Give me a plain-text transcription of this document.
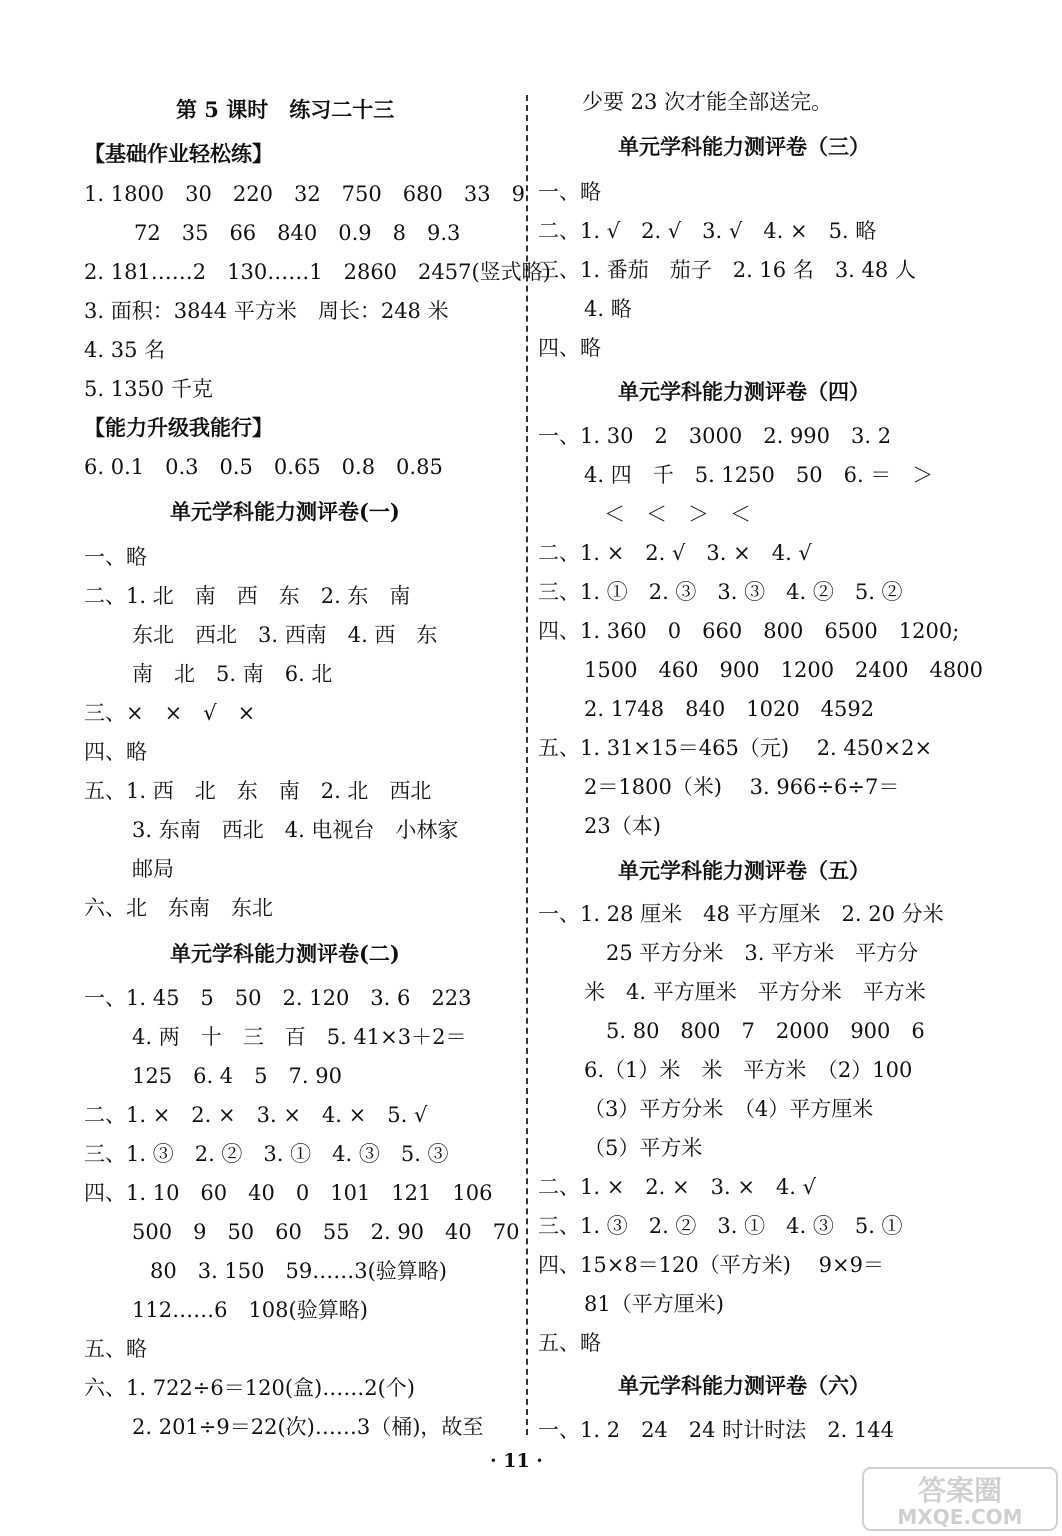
第 5 课时　练习二十三
【基础作业轻松练】
1. 1800　30　220　32　750　680　33　9
72　35　66　840　0.9　8　9.3
2. 181……2　130……1　2860　2457(竖式略)
3. 面积：3844 平方米　周长：248 米
4. 35 名
5. 1350 千克
【能力升级我能行】
6. 0.1　0.3　0.5　0.65　0.8　0.85
单元学科能力测评卷(一)
一、略
二、1. 北　南　西　东　2. 东　南
东北　西北　3. 西南　4. 西　东
南　北　5. 南　6. 北
三、×　×　√　×
四、略
五、1. 西　北　东　南　2. 北　西北
3. 东南　西北　4. 电视台　小林家
邮局
六、北　东南　东北
单元学科能力测评卷(二)
一、1. 45　5　50　2. 120　3. 6　223
4. 两　十　三　百　5. 41×3＋2＝
125　6. 4　5　7. 90
二、1. ×　2. ×　3. ×　4. ×　5. √
三、1. ③　2. ②　3. ①　4. ③　5. ③
四、1. 10　60　40　0　101　121　106
500　9　50　60　55　2. 90　40　70
80　3. 150　59……3(验算略)
112……6　108(验算略)
五、略
六、1. 722÷6＝120(盒)……2(个)
2. 201÷9＝22(次)……3（桶)，故至
少要 23 次才能全部送完。
单元学科能力测评卷（三）
一、略
二、1. √　2. √　3. √　4. ×　5. 略
三、1. 番茄　茄子　2. 16 名　3. 48 人
4. 略
四、略
单元学科能力测评卷（四）
一、1. 30　2　3000　2. 990　3. 2
4. 四　千　5. 1250　50　6. ＝　＞
＜　＜　＞　＜
二、1. ×　2. √　3. ×　4. √
三、1. ①　2. ③　3. ③　4. ②　5. ②
四、1. 360　0　660　800　6500　1200;
1500　460　900　1200　2400　4800
2. 1748　840　1020　4592
五、1. 31×15＝465（元)　 2. 450×2×
2＝1800（米)　 3. 966÷6÷7＝
23（本)
单元学科能力测评卷（五）
一、1. 28 厘米　48 平方厘米　2. 20 分米
25 平方分米　3. 平方米　平方分
米　4. 平方厘米　平方分米　平方米
5. 80　800　7　2000　900　6
6.（1）米　米　平方米　（2）100
（3）平方分米　（4）平方厘米
（5）平方米
二、1. ×　2. ×　3. ×　4. √
三、1. ③　2. ②　3. ①　4. ③　5. ①
四、15×8＝120（平方米)　 9×9＝
81（平方厘米)
五、略
单元学科能力测评卷（六）
一、1. 2　24　24 时计时法　2. 144
· 11 ·
答案圈
MXQE.COM
